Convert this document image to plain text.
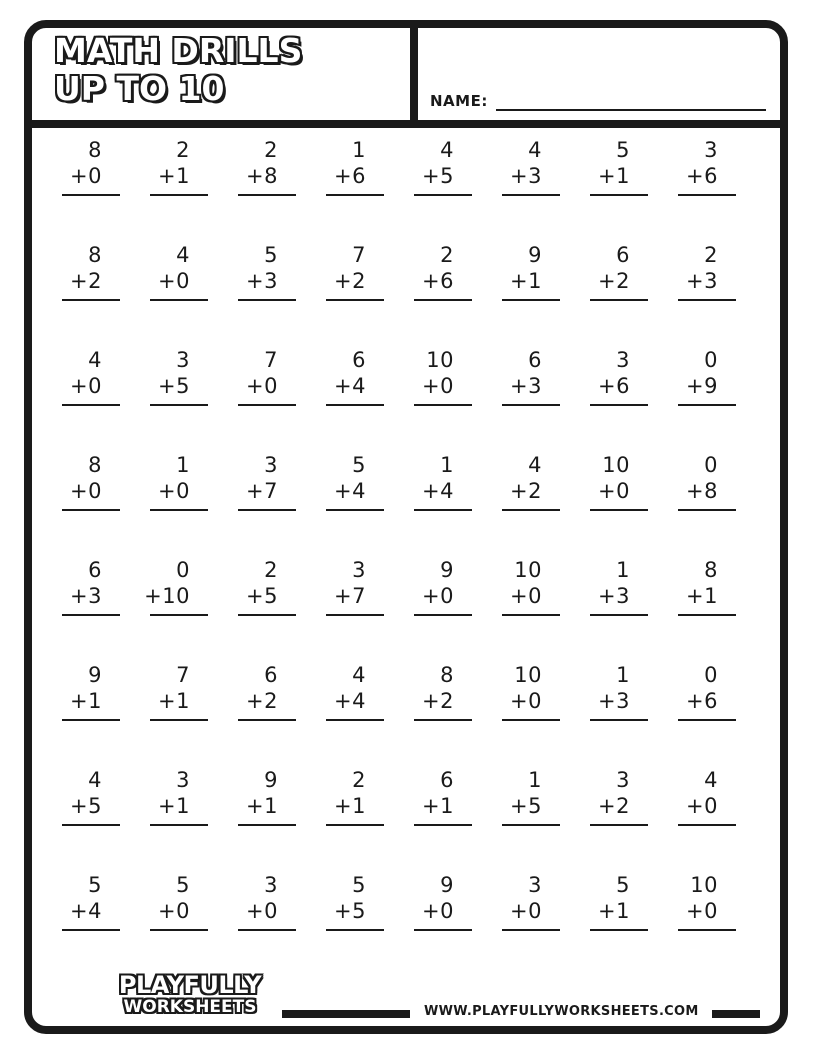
MATH DRILLS
UP TO 10	NAME:
8
+0
2
+1
2
+8
1
+6
4
+5
4
+3
5
+1
3
+6
8
+2
4
+0
5
+3
7
+2
2
+6
9
+1
6
+2
2
+3
4
+0
3
+5
7
+0
6
+4
10
+0
6
+3
3
+6
0
+9
8
+0
1
+0
3
+7
5
+4
1
+4
4
+2
10
+0
0
+8
6
+3
0
+10
2
+5
3
+7
9
+0
10
+0
1
+3
8
+1
9
+1
7
+1
6
+2
4
+4
8
+2
10
+0
1
+3
0
+6
4
+5
3
+1
9
+1
2
+1
6
+1
1
+5
3
+2
4
+0
5
+4
5
+0
3
+0
5
+5
9
+0
3
+0
5
+1
10
+0
PLAYFULLY
WORKSHEETS	WWW.PLAYFULLYWORKSHEETS.COM
